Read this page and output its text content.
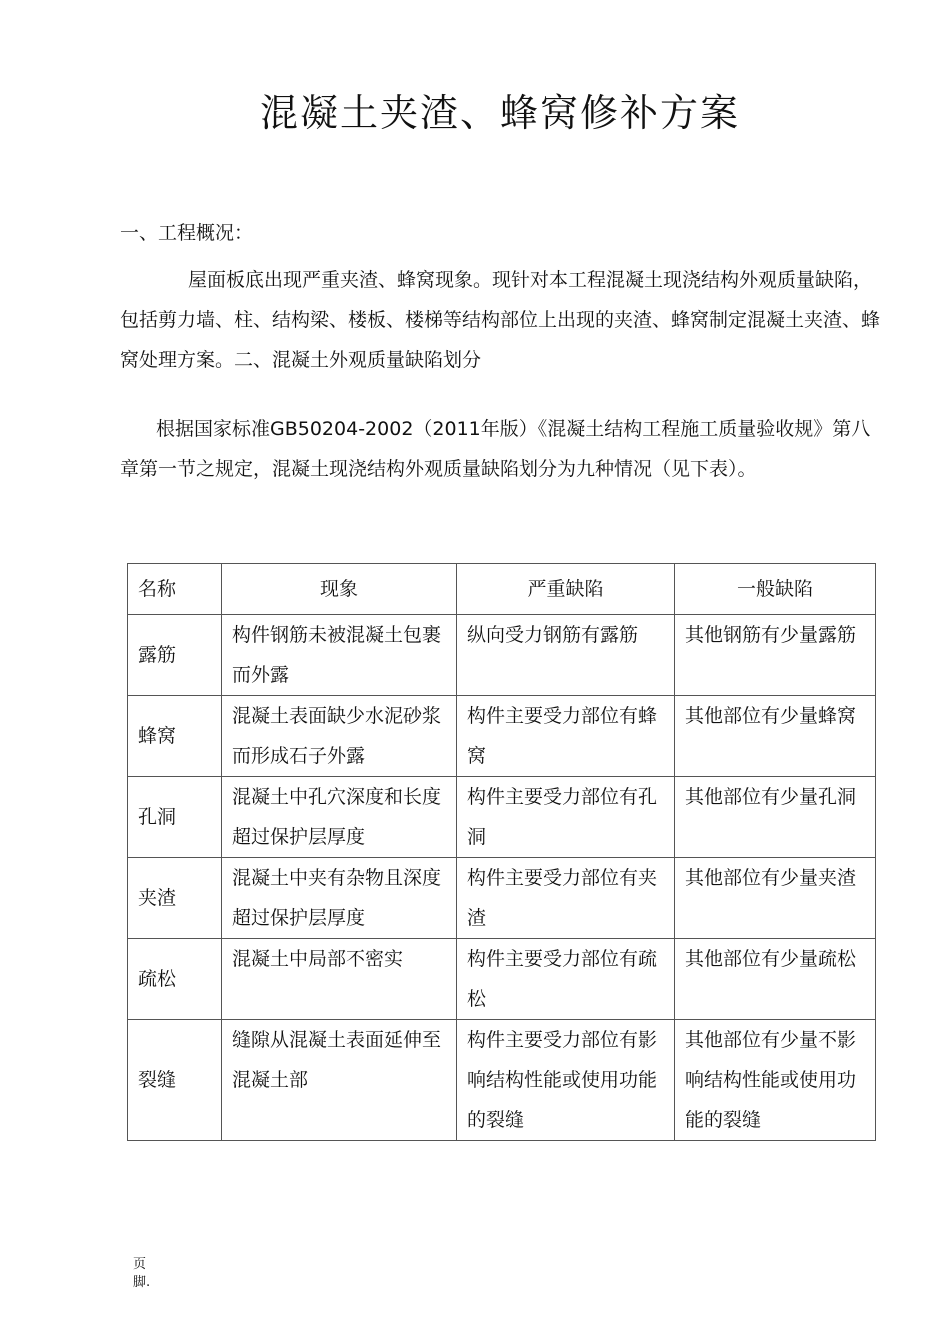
混凝土夹渣、蜂窝修补方案
一、工程概况：
屋面板底出现严重夹渣、蜂窝现象。现针对本工程混凝土现浇结构外观质量缺陷，包括剪力墙、柱、结构梁、楼板、楼梯等结构部位上出现的夹渣、蜂窝制定混凝土夹渣、蜂窝处理方案。二、混凝土外观质量缺陷划分
根据国家标准GB50204-2002（2011年版）《混凝土结构工程施工质量验收规》第八章第一节之规定，混凝土现浇结构外观质量缺陷划分为九种情况（见下表）。
名称	现象	严重缺陷	一般缺陷
露筋	构件钢筋未被混凝土包裹而外露	纵向受力钢筋有露筋	其他钢筋有少量露筋
蜂窝	混凝土表面缺少水泥砂浆而形成石子外露	构件主要受力部位有蜂窝	其他部位有少量蜂窝
孔洞	混凝土中孔穴深度和长度超过保护层厚度	构件主要受力部位有孔洞	其他部位有少量孔洞
夹渣	混凝土中夹有杂物且深度超过保护层厚度	构件主要受力部位有夹渣	其他部位有少量夹渣
疏松	混凝土中局部不密实	构件主要受力部位有疏松	其他部位有少量疏松
裂缝	缝隙从混凝土表面延伸至混凝土部	构件主要受力部位有影响结构性能或使用功能的裂缝	其他部位有少量不影响结构性能或使用功能的裂缝
页
脚.
